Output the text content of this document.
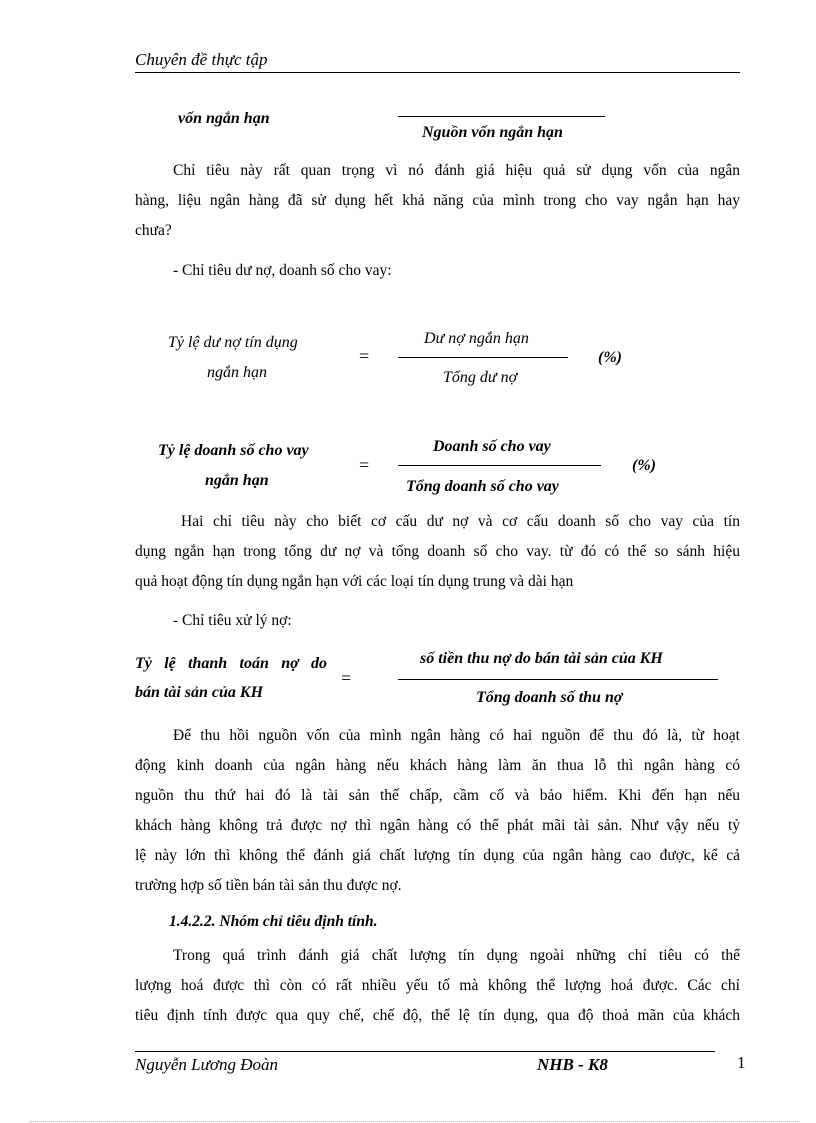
Chuyên đề thực tập
vốn ngắn hạn
Nguồn vốn ngắn hạn

Chỉ tiêu này rất quan trọng vì nó đánh giá hiệu quả sử dụng vốn của ngân
hàng, liệu ngân hàng đã sử dụng hết khả năng của mình trong cho vay ngắn hạn hay
chưa?

- Chỉ tiêu dư nợ, doanh số cho vay:
Tỷ lệ dư nợ tín dụng
ngắn hạn
=
Dư nợ ngắn hạn
Tổng dư nợ
(%)
Tỷ lệ doanh số cho vay
ngắn hạn
=
Doanh số cho vay
Tổng doanh số cho vay
(%)

Hai chỉ tiêu này cho biết cơ cấu dư nợ và cơ cấu doanh số cho vay của tín
dụng ngắn hạn trong tổng dư nợ và tổng doanh số cho vay. từ đó có thể so sánh hiệu
quả hoạt động tín dụng ngắn hạn với các loại tín dụng trung và dài hạn

- Chỉ tiêu xử lý nợ:
Tỷ lệ thanh toán nợ do
bán tài sản của KH
=
số tiền thu nợ do bán tài sản của KH
Tổng doanh số thu nợ

Để thu hồi nguồn vốn của mình ngân hàng có hai nguồn để thu đó là, từ hoạt
động kinh doanh của ngân hàng nếu khách hàng làm ăn thua lỗ thì ngân hàng có
nguồn thu thứ hai đó là tài sản thế chấp, cầm cố và bảo hiểm. Khi đến hạn nếu
khách hàng không trả được nợ thì ngân hàng có thể phát mãi tài sản. Như vậy nếu tỷ
lệ này lớn thì không thể đánh giá chất lượng tín dụng của ngân hàng cao được, kể cả
trường hợp số tiền bán tài sản thu được nợ.

1.4.2.2. Nhóm chỉ tiêu định tính.

Trong quá trình đánh giá chất lượng tín dụng ngoài những chỉ tiêu có thể
lượng hoá được thì còn có rất nhiều yếu tố mà không thể lượng hoá được. Các chỉ
tiêu định tính được qua quy chế, chế độ, thể lệ tín dụng, qua độ thoả mãn của khách

Nguyễn Lương Đoàn	NHB - K8	1
